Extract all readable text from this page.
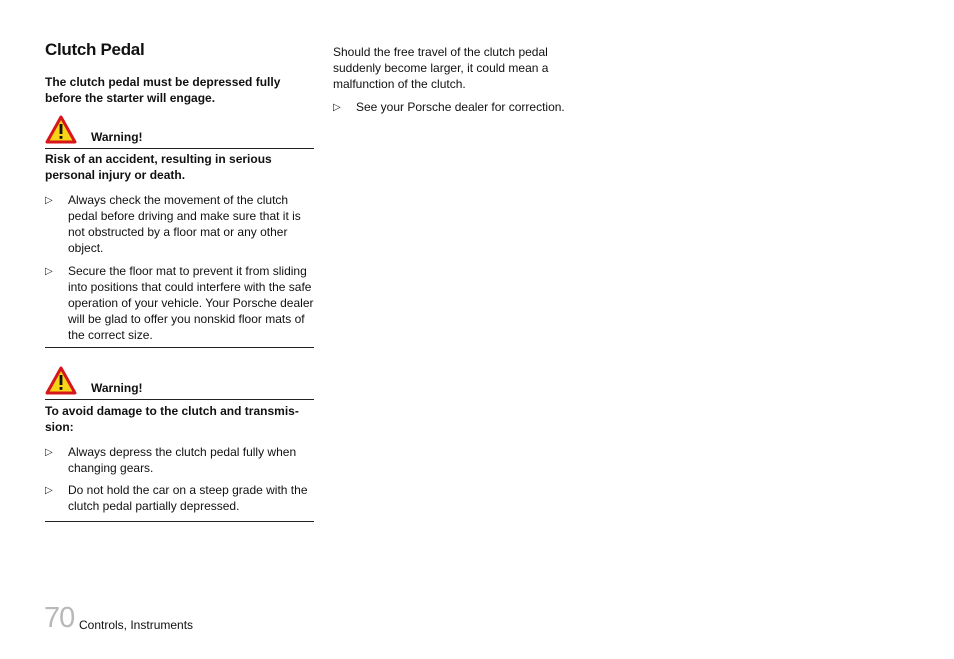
Clutch Pedal

The clutch pedal must be depressed fully before the starter will engage.

Warning!

Risk of an accident, resulting in serious personal injury or death.

▷ Always check the movement of the clutch pedal before driving and make sure that it is not obstructed by a floor mat or any other object.
▷ Secure the floor mat to prevent it from sliding into positions that could interfere with the safe operation of your vehicle. Your Porsche dealer will be glad to offer you nonskid floor mats of the correct size.
Warning!

To avoid damage to the clutch and transmis-sion:

▷ Always depress the clutch pedal fully when changing gears.
▷ Do not hold the car on a steep grade with the clutch pedal partially depressed.

Should the free travel of the clutch pedal suddenly become larger, it could mean a malfunction of the clutch.

▷ See your Porsche dealer for correction.
70 Controls, Instruments
